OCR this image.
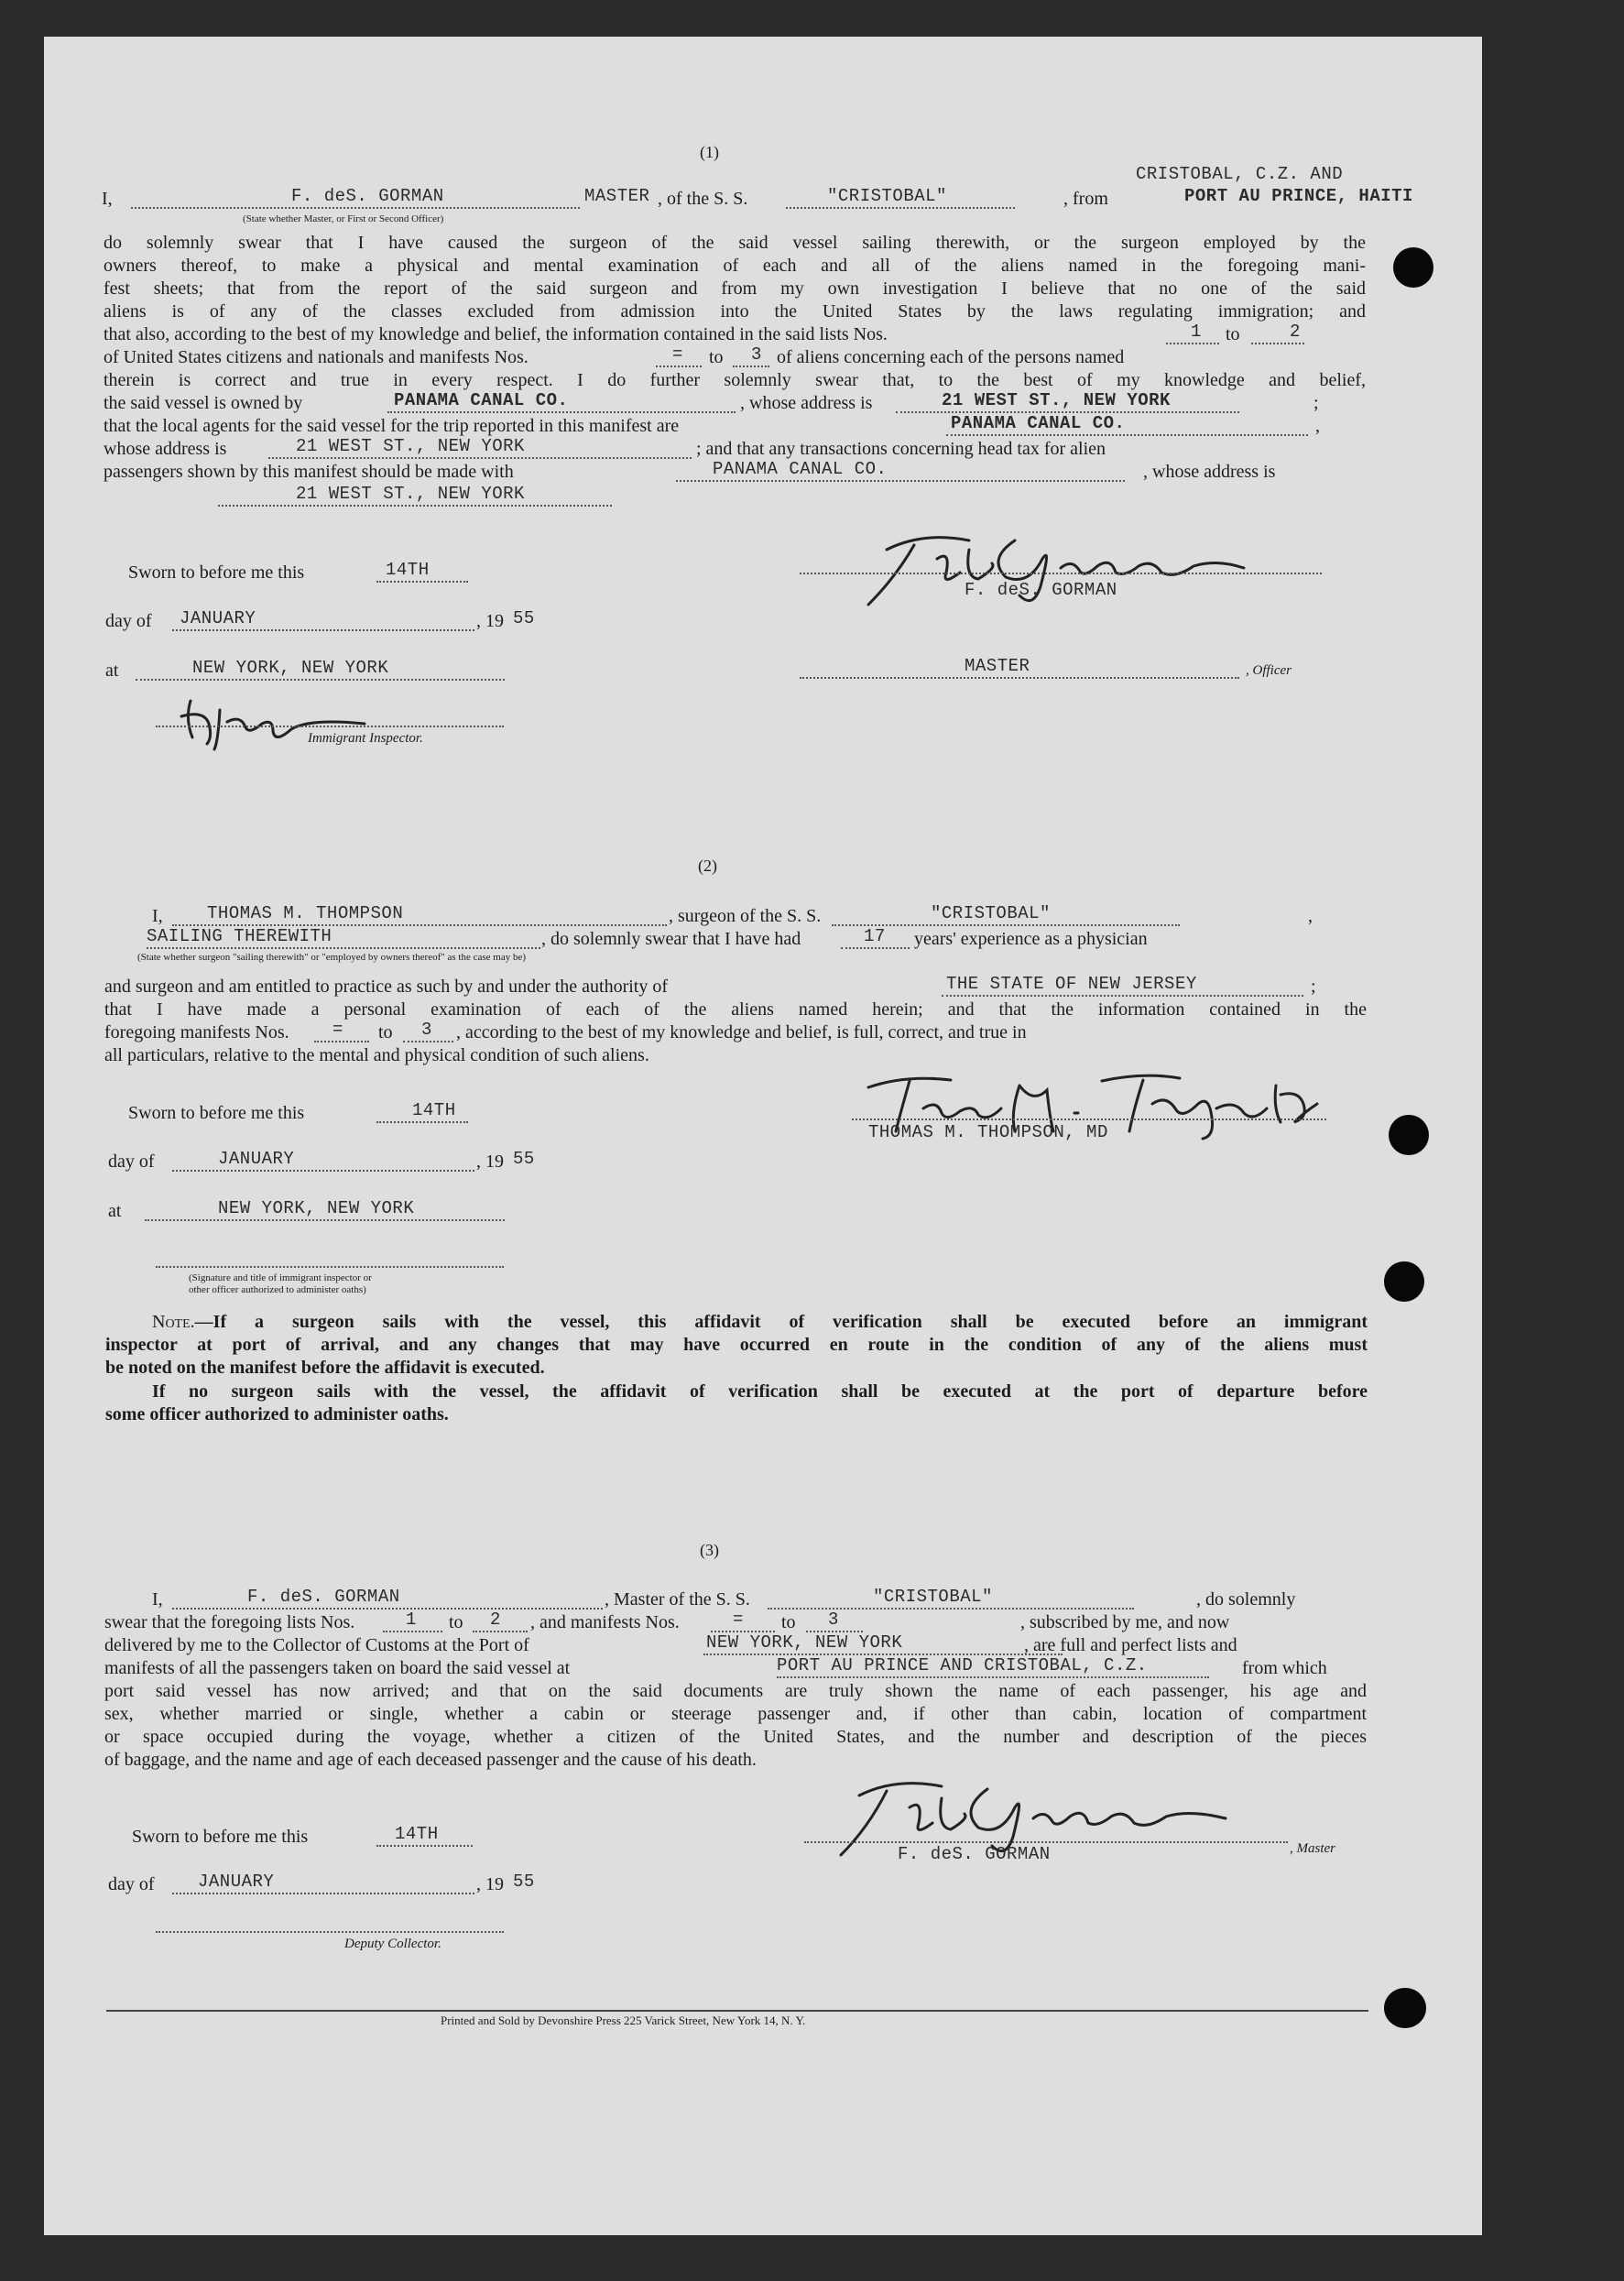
(1)
CRISTOBAL, C.Z. AND
I,	F. deS. GORMAN	MASTER , of the S. S.	"CRISTOBAL"	, from	PORT AU PRINCE, HAITI
(State whether Master, or First or Second Officer)
do solemnly swear that I have caused the surgeon of the said vessel sailing therewith, or the surgeon employed by the
owners thereof, to make a physical and mental examination of each and all of the aliens named in the foregoing mani-
fest sheets; that from the report of the said surgeon and from my own investigation I believe that no one of the said
aliens is of any of the classes excluded from admission into the United States by the laws regulating immigration; and
that also, according to the best of my knowledge and belief, the information contained in the said lists Nos.	1 to	2
of United States citizens and nationals and manifests Nos.	= to 3 of aliens concerning each of the persons named
therein is correct and true in every respect. I do further solemnly swear that, to the best of my knowledge and belief,
the said vessel is owned by	PANAMA CANAL CO.	, whose address is	21 WEST ST., NEW YORK	;
that the local agents for the said vessel for the trip reported in this manifest are	PANAMA CANAL CO.	,
whose address is	21 WEST ST., NEW YORK	; and that any transactions concerning head tax for alien
passengers shown by this manifest should be made with	PANAMA CANAL CO.	, whose address is
21 WEST ST., NEW YORK
Sworn to before me this	14TH
day of JANUARY	, 19 55
at	NEW YORK, NEW YORK
Immigrant Inspector.
F. deS. GORMAN
MASTER	, Officer
(2)
I,	THOMAS M. THOMPSON	, surgeon of the S. S.	"CRISTOBAL"	,
SAILING THEREWITH	, do solemnly swear that I have had	17 years' experience as a physician
(State whether surgeon "sailing therewith" or "employed by owners thereof" as the case may be)
and surgeon and am entitled to practice as such by and under the authority of	THE STATE OF NEW JERSEY	;
that I have made a personal examination of each of the aliens named herein; and that the information contained in the
foregoing manifests Nos. = to 3 , according to the best of my knowledge and belief, is full, correct, and true in
all particulars, relative to the mental and physical condition of such aliens.
Sworn to before me this	14TH
day of	JANUARY	, 19 55
at	NEW YORK, NEW YORK
THOMAS M. THOMPSON, MD
(Signature and title of immigrant inspector or
other officer authorized to administer oaths)
Note.—If a surgeon sails with the vessel, this affidavit of verification shall be executed before an immigrant
inspector at port of arrival, and any changes that may have occurred en route in the condition of any of the aliens must
be noted on the manifest before the affidavit is executed.
If no surgeon sails with the vessel, the affidavit of verification shall be executed at the port of departure before
some officer authorized to administer oaths.
(3)
I,	F. deS. GORMAN	, Master of the S. S.	"CRISTOBAL"	, do solemnly
swear that the foregoing lists Nos.	1 to 2 , and manifests Nos.	= to 3	, subscribed by me, and now
delivered by me to the Collector of Customs at the Port of	NEW YORK, NEW YORK	, are full and perfect lists and
manifests of all the passengers taken on board the said vessel at	PORT AU PRINCE AND CRISTOBAL, C.Z.	from which
port said vessel has now arrived; and that on the said documents are truly shown the name of each passenger, his age and
sex, whether married or single, whether a cabin or steerage passenger and, if other than cabin, location of compartment
or space occupied during the voyage, whether a citizen of the United States, and the number and description of the pieces
of baggage, and the name and age of each deceased passenger and the cause of his death.
, Master
F. deS. GORMAN
Sworn to before me this	14TH
day of JANUARY	, 19 55
Deputy Collector.
Printed and Sold by Devonshire Press 225 Varick Street, New York 14, N. Y.
